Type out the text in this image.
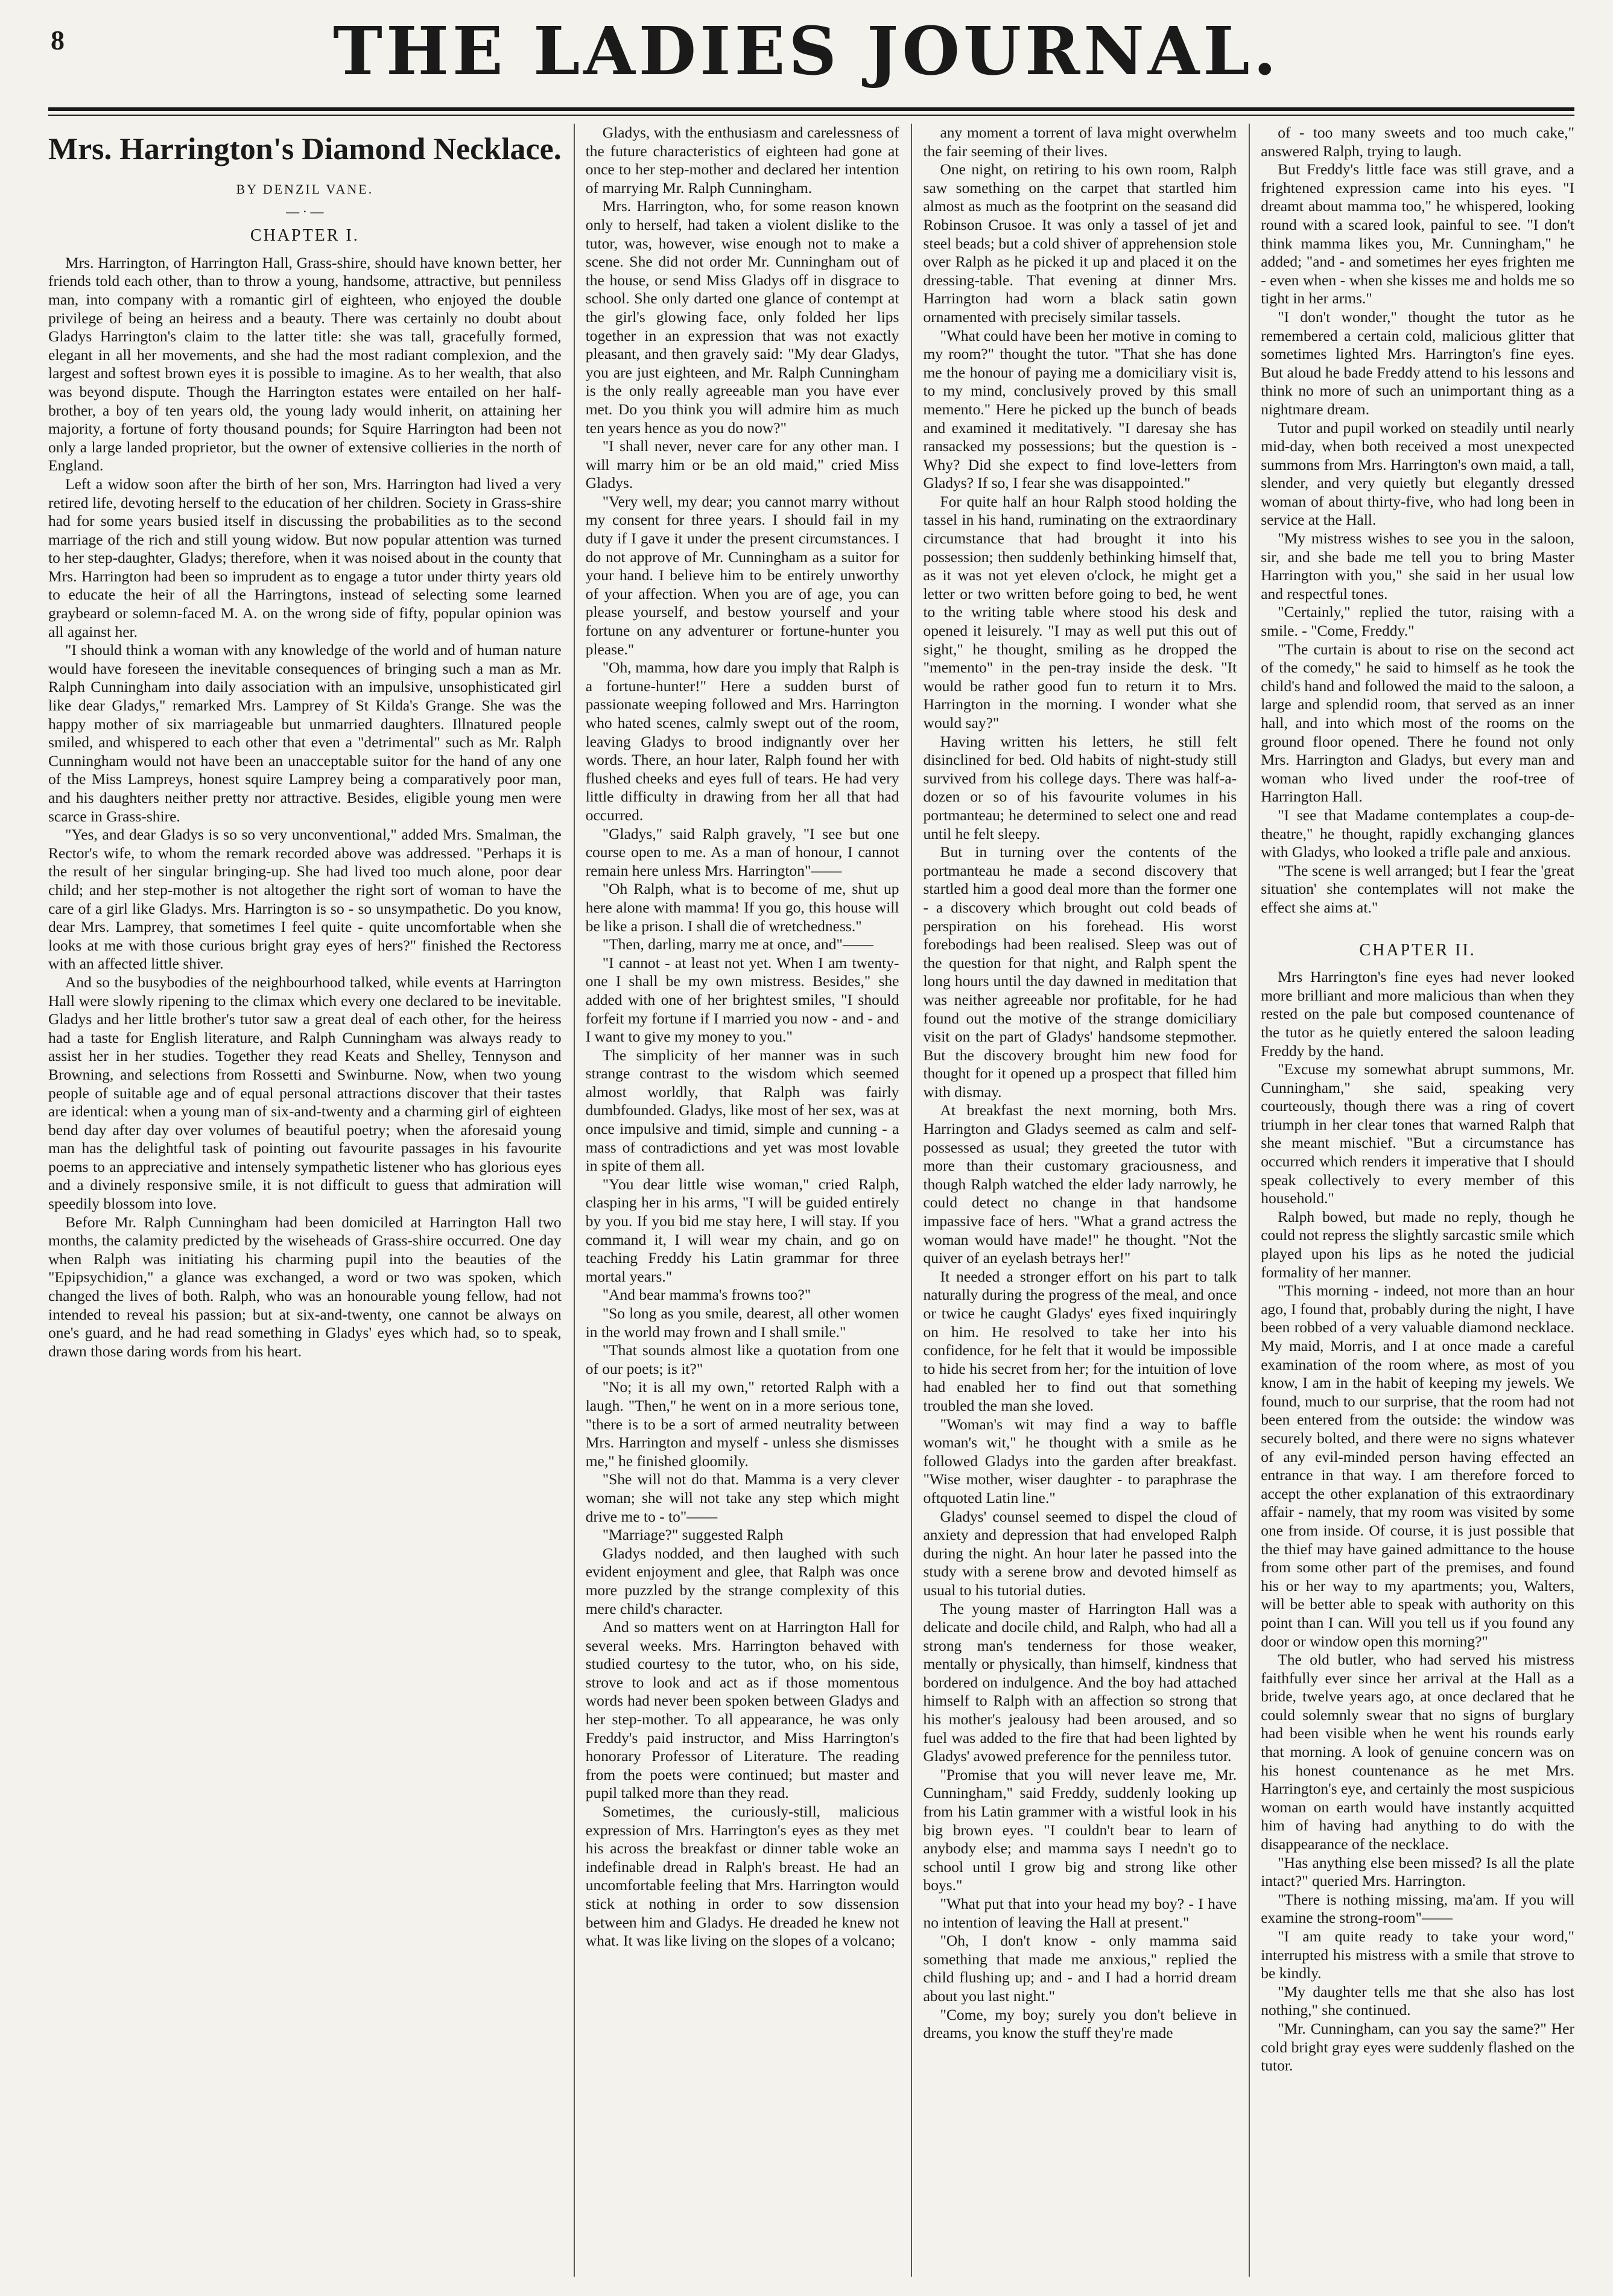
8	THE LADIES JOURNAL.
Mrs. Harrington's Diamond Necklace.
BY DENZIL VANE.
— · —
CHAPTER I.

Mrs. Harrington, of Harrington Hall, Grass-shire, should have known better, her friends told each other, than to throw a young, handsome, attractive, but penniless man, into company with a romantic girl of eighteen, who enjoyed the double privilege of being an heiress and a beauty. There was certainly no doubt about Gladys Harrington's claim to the latter title: she was tall, gracefully formed, elegant in all her movements, and she had the most radiant complexion, and the largest and softest brown eyes it is possible to imagine. As to her wealth, that also was beyond dispute. Though the Harrington estates were entailed on her half-brother, a boy of ten years old, the young lady would inherit, on attaining her majority, a fortune of forty thousand pounds; for Squire Harrington had been not only a large landed proprietor, but the owner of extensive collieries in the north of England.

Left a widow soon after the birth of her son, Mrs. Harrington had lived a very retired life, devoting herself to the education of her children. Society in Grass-shire had for some years busied itself in discussing the probabilities as to the second marriage of the rich and still young widow. But now popular attention was turned to her step-daughter, Gladys; therefore, when it was noised about in the county that Mrs. Harrington had been so imprudent as to engage a tutor under thirty years old to educate the heir of all the Harringtons, instead of selecting some learned graybeard or solemn-faced M. A. on the wrong side of fifty, popular opinion was all against her.

"I should think a woman with any knowledge of the world and of human nature would have foreseen the inevitable consequences of bringing such a man as Mr. Ralph Cunningham into daily association with an impulsive, unsophisticated girl like dear Gladys," remarked Mrs. Lamprey of St Kilda's Grange. She was the happy mother of six marriageable but unmarried daughters. Illnatured people smiled, and whispered to each other that even a "detrimental" such as Mr. Ralph Cunningham would not have been an unacceptable suitor for the hand of any one of the Miss Lampreys, honest squire Lamprey being a comparatively poor man, and his daughters neither pretty nor attractive. Besides, eligible young men were scarce in Grass-shire.

"Yes, and dear Gladys is so so very unconventional," added Mrs. Smalman, the Rector's wife, to whom the remark recorded above was addressed. "Perhaps it is the result of her singular bringing-up. She had lived too much alone, poor dear child; and her step-mother is not altogether the right sort of woman to have the care of a girl like Gladys. Mrs. Harrington is so - so unsympathetic. Do you know, dear Mrs. Lamprey, that sometimes I feel quite - quite uncomfortable when she looks at me with those curious bright gray eyes of hers?" finished the Rectoress with an affected little shiver.

And so the busybodies of the neighbourhood talked, while events at Harrington Hall were slowly ripening to the climax which every one declared to be inevitable. Gladys and her little brother's tutor saw a great deal of each other, for the heiress had a taste for English literature, and Ralph Cunningham was always ready to assist her in her studies. Together they read Keats and Shelley, Tennyson and Browning, and selections from Rossetti and Swinburne. Now, when two young people of suitable age and of equal personal attractions discover that their tastes are identical: when a young man of six-and-twenty and a charming girl of eighteen bend day after day over volumes of beautiful poetry; when the aforesaid young man has the delightful task of pointing out favourite passages in his favourite poems to an appreciative and intensely sympathetic listener who has glorious eyes and a divinely responsive smile, it is not difficult to guess that admiration will speedily blossom into love.

Before Mr. Ralph Cunningham had been domiciled at Harrington Hall two months, the calamity predicted by the wiseheads of Grass-shire occurred. One day when Ralph was initiating his charming pupil into the beauties of the "Epipsychidion," a glance was exchanged, a word or two was spoken, which changed the lives of both. Ralph, who was an honourable young fellow, had not intended to reveal his passion; but at six-and-twenty, one cannot be always on one's guard, and he had read something in Gladys' eyes which had, so to speak, drawn those daring words from his heart.

Gladys, with the enthusiasm and carelessness of the future characteristics of eighteen had gone at once to her step-mother and declared her intention of marrying Mr. Ralph Cunningham.

Mrs. Harrington, who, for some reason known only to herself, had taken a violent dislike to the tutor, was, however, wise enough not to make a scene. She did not order Mr. Cunningham out of the house, or send Miss Gladys off in disgrace to school. She only darted one glance of contempt at the girl's glowing face, only folded her lips together in an expression that was not exactly pleasant, and then gravely said: "My dear Gladys, you are just eighteen, and Mr. Ralph Cunningham is the only really agreeable man you have ever met. Do you think you will admire him as much ten years hence as you do now?"

"I shall never, never care for any other man. I will marry him or be an old maid," cried Miss Gladys.

"Very well, my dear; you cannot marry without my consent for three years. I should fail in my duty if I gave it under the present circumstances. I do not approve of Mr. Cunningham as a suitor for your hand. I believe him to be entirely unworthy of your affection. When you are of age, you can please yourself, and bestow yourself and your fortune on any adventurer or fortune-hunter you please."

"Oh, mamma, how dare you imply that Ralph is a fortune-hunter!" Here a sudden burst of passionate weeping followed and Mrs. Harrington who hated scenes, calmly swept out of the room, leaving Gladys to brood indignantly over her words. There, an hour later, Ralph found her with flushed cheeks and eyes full of tears. He had very little difficulty in drawing from her all that had occurred.

"Gladys," said Ralph gravely, "I see but one course open to me. As a man of honour, I cannot remain here unless Mrs. Harrington"——

"Oh Ralph, what is to become of me, shut up here alone with mamma! If you go, this house will be like a prison. I shall die of wretchedness."

"Then, darling, marry me at once, and"——

"I cannot - at least not yet. When I am twenty-one I shall be my own mistress. Besides," she added with one of her brightest smiles, "I should forfeit my fortune if I married you now - and - and I want to give my money to you."

The simplicity of her manner was in such strange contrast to the wisdom which seemed almost worldly, that Ralph was fairly dumbfounded. Gladys, like most of her sex, was at once impulsive and timid, simple and cunning - a mass of contradictions and yet was most lovable in spite of them all.

"You dear little wise woman," cried Ralph, clasping her in his arms, "I will be guided entirely by you. If you bid me stay here, I will stay. If you command it, I will wear my chain, and go on teaching Freddy his Latin grammar for three mortal years."

"And bear mamma's frowns too?"

"So long as you smile, dearest, all other women in the world may frown and I shall smile."

"That sounds almost like a quotation from one of our poets; is it?"

"No; it is all my own," retorted Ralph with a laugh. "Then," he went on in a more serious tone, "there is to be a sort of armed neutrality between Mrs. Harrington and myself - unless she dismisses me," he finished gloomily.

"She will not do that. Mamma is a very clever woman; she will not take any step which might drive me to - to"——

"Marriage?" suggested Ralph

Gladys nodded, and then laughed with such evident enjoyment and glee, that Ralph was once more puzzled by the strange complexity of this mere child's character.

And so matters went on at Harrington Hall for several weeks. Mrs. Harrington behaved with studied courtesy to the tutor, who, on his side, strove to look and act as if those momentous words had never been spoken between Gladys and her step-mother. To all appearance, he was only Freddy's paid instructor, and Miss Harrington's honorary Professor of Literature. The reading from the poets were continued; but master and pupil talked more than they read.

Sometimes, the curiously-still, malicious expression of Mrs. Harrington's eyes as they met his across the breakfast or dinner table woke an indefinable dread in Ralph's breast. He had an uncomfortable feeling that Mrs. Harrington would stick at nothing in order to sow dissension between him and Gladys. He dreaded he knew not what. It was like living on the slopes of a volcano;

any moment a torrent of lava might overwhelm the fair seeming of their lives.

One night, on retiring to his own room, Ralph saw something on the carpet that startled him almost as much as the footprint on the seasand did Robinson Crusoe. It was only a tassel of jet and steel beads; but a cold shiver of apprehension stole over Ralph as he picked it up and placed it on the dressing-table. That evening at dinner Mrs. Harrington had worn a black satin gown ornamented with precisely similar tassels.

"What could have been her motive in coming to my room?" thought the tutor. "That she has done me the honour of paying me a domiciliary visit is, to my mind, conclusively proved by this small memento." Here he picked up the bunch of beads and examined it meditatively. "I daresay she has ransacked my possessions; but the question is - Why? Did she expect to find love-letters from Gladys? If so, I fear she was disappointed."

For quite half an hour Ralph stood holding the tassel in his hand, ruminating on the extraordinary circumstance that had brought it into his possession; then suddenly bethinking himself that, as it was not yet eleven o'clock, he might get a letter or two written before going to bed, he went to the writing table where stood his desk and opened it leisurely. "I may as well put this out of sight," he thought, smiling as he dropped the "memento" in the pen-tray inside the desk. "It would be rather good fun to return it to Mrs. Harrington in the morning. I wonder what she would say?"

Having written his letters, he still felt disinclined for bed. Old habits of night-study still survived from his college days. There was half-a-dozen or so of his favourite volumes in his portmanteau; he determined to select one and read until he felt sleepy.

But in turning over the contents of the portmanteau he made a second discovery that startled him a good deal more than the former one - a discovery which brought out cold beads of perspiration on his forehead. His worst forebodings had been realised. Sleep was out of the question for that night, and Ralph spent the long hours until the day dawned in meditation that was neither agreeable nor profitable, for he had found out the motive of the strange domiciliary visit on the part of Gladys' handsome stepmother. But the discovery brought him new food for thought for it opened up a prospect that filled him with dismay.

At breakfast the next morning, both Mrs. Harrington and Gladys seemed as calm and self-possessed as usual; they greeted the tutor with more than their customary graciousness, and though Ralph watched the elder lady narrowly, he could detect no change in that handsome impassive face of hers. "What a grand actress the woman would have made!" he thought. "Not the quiver of an eyelash betrays her!"

It needed a stronger effort on his part to talk naturally during the progress of the meal, and once or twice he caught Gladys' eyes fixed inquiringly on him. He resolved to take her into his confidence, for he felt that it would be impossible to hide his secret from her; for the intuition of love had enabled her to find out that something troubled the man she loved.

"Woman's wit may find a way to baffle woman's wit," he thought with a smile as he followed Gladys into the garden after breakfast. "Wise mother, wiser daughter - to paraphrase the oftquoted Latin line."

Gladys' counsel seemed to dispel the cloud of anxiety and depression that had enveloped Ralph during the night. An hour later he passed into the study with a serene brow and devoted himself as usual to his tutorial duties.

The young master of Harrington Hall was a delicate and docile child, and Ralph, who had all a strong man's tenderness for those weaker, mentally or physically, than himself, kindness that bordered on indulgence. And the boy had attached himself to Ralph with an affection so strong that his mother's jealousy had been aroused, and so fuel was added to the fire that had been lighted by Gladys' avowed preference for the penniless tutor.

"Promise that you will never leave me, Mr. Cunningham," said Freddy, suddenly looking up from his Latin grammer with a wistful look in his big brown eyes. "I couldn't bear to learn of anybody else; and mamma says I needn't go to school until I grow big and strong like other boys."

"What put that into your head my boy? - I have no intention of leaving the Hall at present."

"Oh, I don't know - only mamma said something that made me anxious," replied the child flushing up; and - and I had a horrid dream about you last night."

"Come, my boy; surely you don't believe in dreams, you know the stuff they're made

of - too many sweets and too much cake," answered Ralph, trying to laugh.

But Freddy's little face was still grave, and a frightened expression came into his eyes. "I dreamt about mamma too," he whispered, looking round with a scared look, painful to see. "I don't think mamma likes you, Mr. Cunningham," he added; "and - and sometimes her eyes frighten me - even when - when she kisses me and holds me so tight in her arms."

"I don't wonder," thought the tutor as he remembered a certain cold, malicious glitter that sometimes lighted Mrs. Harrington's fine eyes. But aloud he bade Freddy attend to his lessons and think no more of such an unimportant thing as a nightmare dream.

Tutor and pupil worked on steadily until nearly mid-day, when both received a most unexpected summons from Mrs. Harrington's own maid, a tall, slender, and very quietly but elegantly dressed woman of about thirty-five, who had long been in service at the Hall.

"My mistress wishes to see you in the saloon, sir, and she bade me tell you to bring Master Harrington with you," she said in her usual low and respectful tones.

"Certainly," replied the tutor, raising with a smile. - "Come, Freddy."

"The curtain is about to rise on the second act of the comedy," he said to himself as he took the child's hand and followed the maid to the saloon, a large and splendid room, that served as an inner hall, and into which most of the rooms on the ground floor opened. There he found not only Mrs. Harrington and Gladys, but every man and woman who lived under the roof-tree of Harrington Hall.

"I see that Madame contemplates a coup-de-theatre," he thought, rapidly exchanging glances with Gladys, who looked a trifle pale and anxious.

"The scene is well arranged; but I fear the 'great situation' she contemplates will not make the effect she aims at."

CHAPTER II.

Mrs Harrington's fine eyes had never looked more brilliant and more malicious than when they rested on the pale but composed countenance of the tutor as he quietly entered the saloon leading Freddy by the hand.

"Excuse my somewhat abrupt summons, Mr. Cunningham," she said, speaking very courteously, though there was a ring of covert triumph in her clear tones that warned Ralph that she meant mischief. "But a circumstance has occurred which renders it imperative that I should speak collectively to every member of this household."

Ralph bowed, but made no reply, though he could not repress the slightly sarcastic smile which played upon his lips as he noted the judicial formality of her manner.

"This morning - indeed, not more than an hour ago, I found that, probably during the night, I have been robbed of a very valuable diamond necklace. My maid, Morris, and I at once made a careful examination of the room where, as most of you know, I am in the habit of keeping my jewels. We found, much to our surprise, that the room had not been entered from the outside: the window was securely bolted, and there were no signs whatever of any evil-minded person having effected an entrance in that way. I am therefore forced to accept the other explanation of this extraordinary affair - namely, that my room was visited by some one from inside. Of course, it is just possible that the thief may have gained admittance to the house from some other part of the premises, and found his or her way to my apartments; you, Walters, will be better able to speak with authority on this point than I can. Will you tell us if you found any door or window open this morning?"

The old butler, who had served his mistress faithfully ever since her arrival at the Hall as a bride, twelve years ago, at once declared that he could solemnly swear that no signs of burglary had been visible when he went his rounds early that morning. A look of genuine concern was on his honest countenance as he met Mrs. Harrington's eye, and certainly the most suspicious woman on earth would have instantly acquitted him of having had anything to do with the disappearance of the necklace.

"Has anything else been missed? Is all the plate intact?" queried Mrs. Harrington.

"There is nothing missing, ma'am. If you will examine the strong-room"——

"I am quite ready to take your word," interrupted his mistress with a smile that strove to be kindly.

"My daughter tells me that she also has lost nothing," she continued.

"Mr. Cunningham, can you say the same?" Her cold bright gray eyes were suddenly flashed on the tutor.
